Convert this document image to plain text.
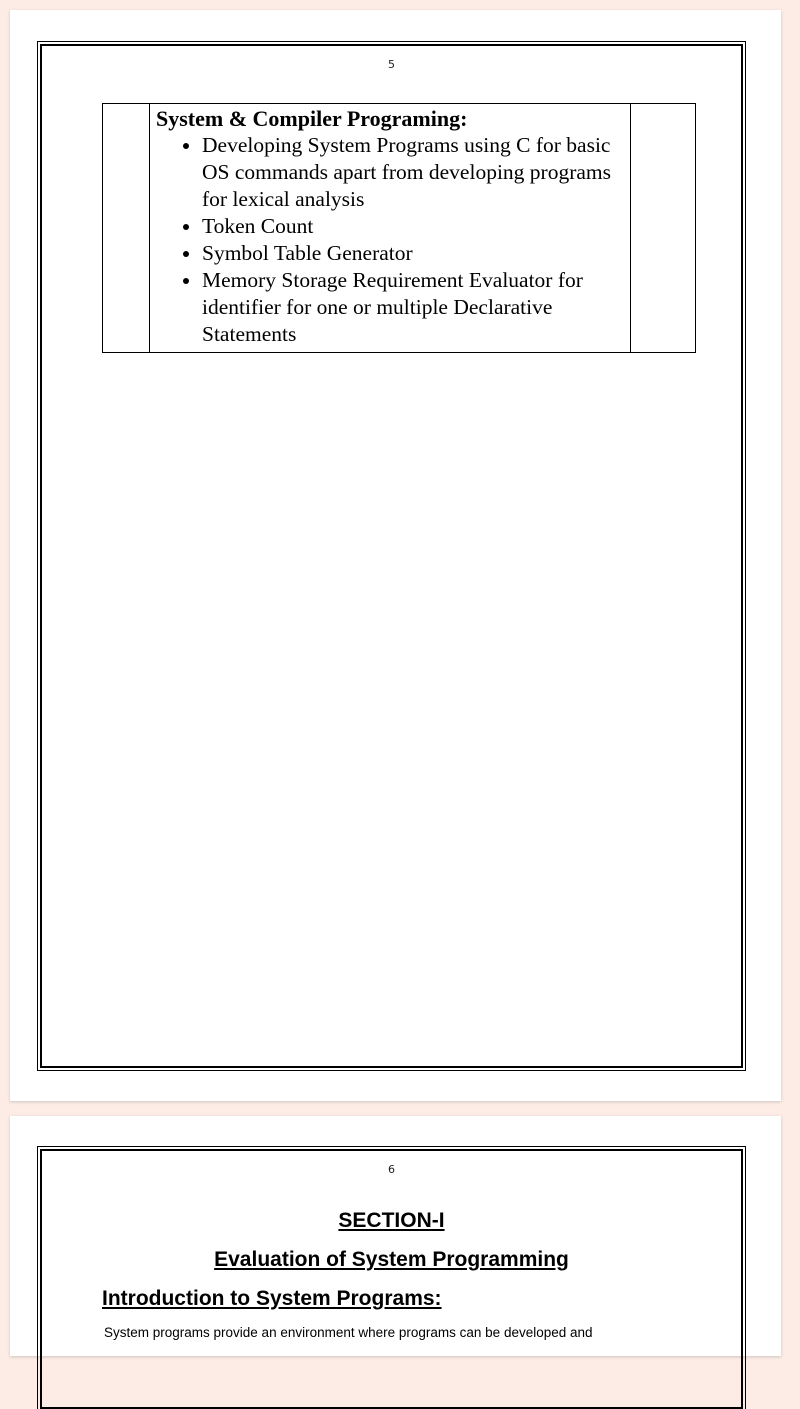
5

System & Compiler Programing:
• Developing System Programs using C for basic OS commands apart from developing programs for lexical analysis
• Token Count
• Symbol Table Generator
• Memory Storage Requirement Evaluator for identifier for one or multiple Declarative Statements

6
SECTION-I
Evaluation of System Programming
Introduction to System Programs:
System programs provide an environment where programs can be developed and
